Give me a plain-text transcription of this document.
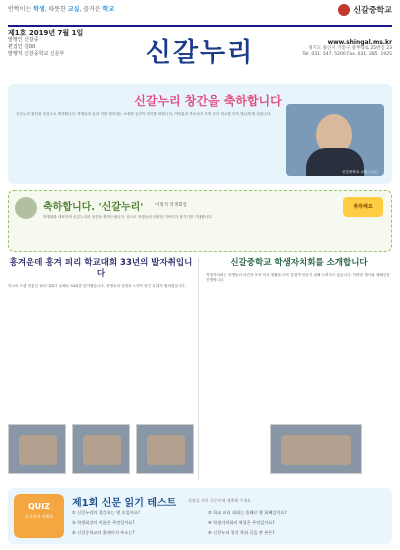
반짝이는 학생, 따뜻한 교실, 즐거운 학교	신갈중학교
제1호 2019년 7월 1일
발행인 신갈중
편집인 김00
발행처 신갈중학교 신문부	신갈누리	www.shingal.ms.kr
경기도 용인시 기흥구 중부대로 25번길 23
Tel. 031. 547. 5200 Fax. 031. 285. 1925
신갈누리 창간을 축하합니다
신갈누리 창간을 진심으로 축하합니다. 학생들의 꿈과 끼를 담아내는 소중한 공간이 되기를 바랍니다. 여러분의 목소리가 모여 우리 학교를 더욱 빛나게 할 것입니다.
신갈중학교 교장 ○○○
축하합니다. '신갈누리'	이형석 학생회장
학생회를 대표하여 신갈누리의 창간을 축하드립니다. 앞으로 학생들의 다양한 이야기가 담기기를 기대합니다.
축하해요
흥겨운데 흥겨 피리 학교대회 33년의 발자취입니다
학교의 오랜 전통인 피리 대회가 올해로 33회를 맞이했습니다. 학생들의 열정과 노력이 담긴 무대가 펼쳐졌습니다.
신갈중학교 학생자치회를 소개합니다
학생자치회는 학생들의 의견을 모아 학교 생활을 더욱 즐겁게 만들기 위해 노력하고 있습니다. 다양한 행사와 캠페인을 진행합니다.
QUIZ
독자참여 이벤트
제1회 신문 읽기 테스트	정답을 적어 신문부에 제출해 주세요
① 신갈누리의 창간호는 몇 호일까요?	② 학교 피리 대회는 올해로 몇 회째일까요?
③ 학생회장의 이름은 무엇일까요?	④ 학생자치회의 역할은 무엇일까요?
⑤ 신갈중학교의 홈페이지 주소는?	⑥ 신갈누리 창간 축하 글을 쓴 분은?
